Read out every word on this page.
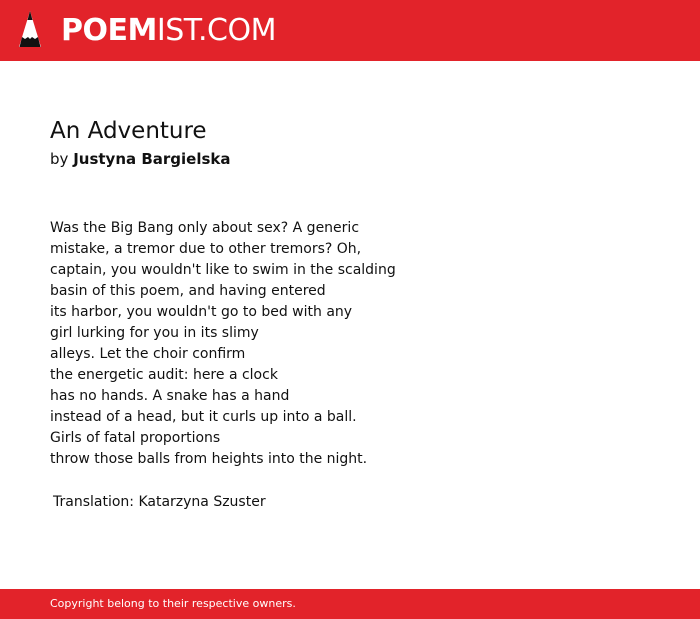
POEMIST.COM
An Adventure
by Justyna Bargielska
Was the Big Bang only about sex? A generic
mistake, a tremor due to other tremors? Oh,
captain, you wouldn't like to swim in the scalding
basin of this poem, and having entered
its harbor, you wouldn't go to bed with any
girl lurking for you in its slimy
alleys. Let the choir confirm
the energetic audit: here a clock
has no hands. A snake has a hand
instead of a head, but it curls up into a ball.
Girls of fatal proportions
throw those balls from heights into the night.
Translation: Katarzyna Szuster
Copyright belong to their respective owners.
